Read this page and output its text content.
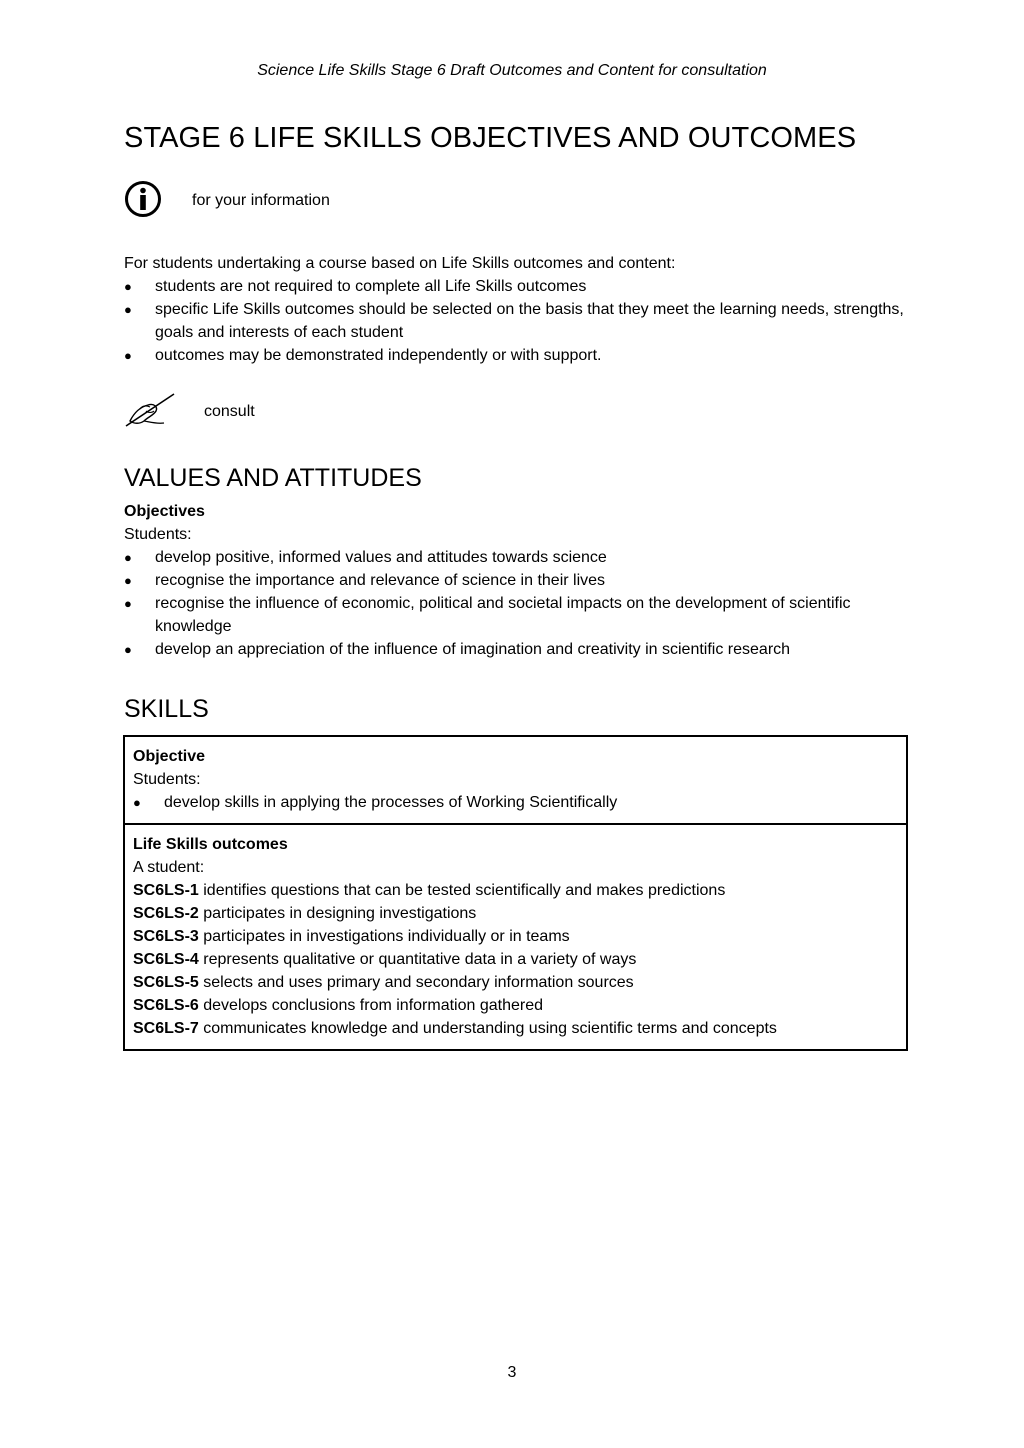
Science Life Skills Stage 6 Draft Outcomes and Content for consultation
STAGE 6 LIFE SKILLS OBJECTIVES AND OUTCOMES
for your information

For students undertaking a course based on Life Skills outcomes and content:

● students are not required to complete all Life Skills outcomes
● specific Life Skills outcomes should be selected on the basis that they meet the learning needs, strengths, goals and interests of each student
● outcomes may be demonstrated independently or with support.
consult
VALUES AND ATTITUDES
Objectives
Students:
● develop positive, informed values and attitudes towards science
● recognise the importance and relevance of science in their lives
● recognise the influence of economic, political and societal impacts on the development of scientific knowledge
● develop an appreciation of the influence of imagination and creativity in scientific research
SKILLS
Objective
Students:
● develop skills in applying the processes of Working Scientifically
Life Skills outcomes
A student:
SC6LS-1 identifies questions that can be tested scientifically and makes predictions
SC6LS-2 participates in designing investigations
SC6LS-3 participates in investigations individually or in teams
SC6LS-4 represents qualitative or quantitative data in a variety of ways
SC6LS-5 selects and uses primary and secondary information sources
SC6LS-6 develops conclusions from information gathered
SC6LS-7 communicates knowledge and understanding using scientific terms and concepts
3
